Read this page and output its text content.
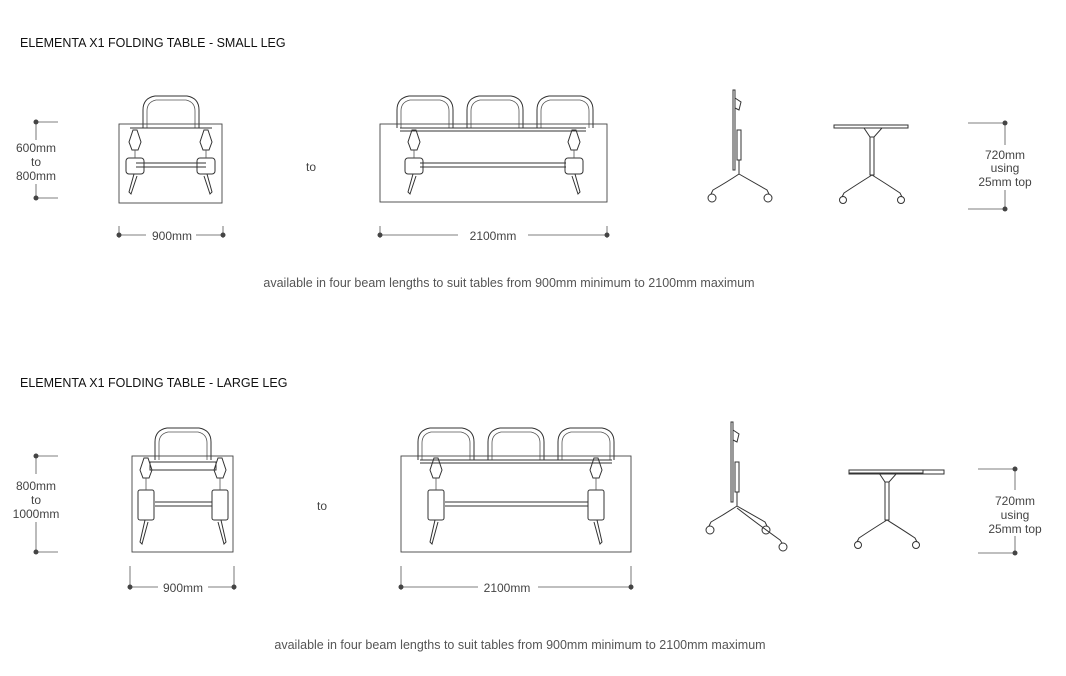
ELEMENTA X1 FOLDING TABLE - SMALL LEG
600mm
to
800mm
to
900mm	2100mm
720mm
using
25mm top
available in four beam lengths to suit tables from 900mm minimum to 2100mm maximum
ELEMENTA X1 FOLDING TABLE - LARGE LEG
800mm
to
1000mm
to
900mm	2100mm
720mm
using
25mm top
available in four beam lengths to suit tables from 900mm minimum to 2100mm maximum
